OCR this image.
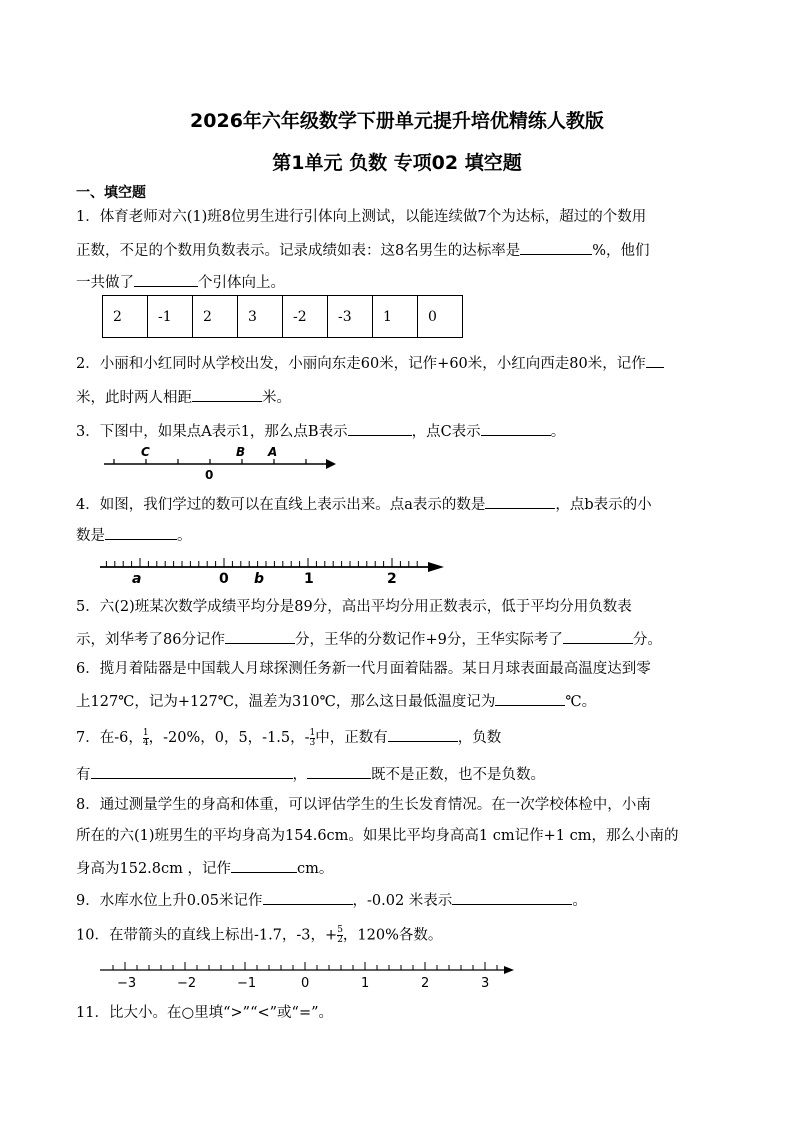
2026年六年级数学下册单元提升培优精练人教版
第1单元 负数 专项02 填空题
一、填空题
1．体育老师对六(1)班8位男生进行引体向上测试，以能连续做7个为达标，超过的个数用
正数，不足的个数用负数表示。记录成绩如表：这8名男生的达标率是	%，他们
一共做了	个引体向上。
2	-1	2	3	-2	-3	1	0
2．小丽和小红同时从学校出发，小丽向东走60米，记作+60米，小红向西走80米，记作
米，此时两人相距	米。
3．下图中，如果点A表示1，那么点B表示	，点C表示	。
C	B A
0
4．如图，我们学过的数可以在直线上表示出来。点a表示的数是	，点b表示的小
数是	。
a	0 b	1	2
5．六(2)班某次数学成绩平均分是89分，高出平均分用正数表示，低于平均分用负数表
示，刘华考了86分记作	分，王华的分数记作+9分，王华实际考了	分。
6．揽月着陆器是中国载人月球探测任务新一代月面着陆器。某日月球表面最高温度达到零
上127℃，记为+127℃，温差为310℃，那么这日最低温度记为	℃。
7．在-6， $\frac{1}{4}$ ，-20%，0，5，-1.5，- $\frac{1}{3}$ 中，正数有	，负数
有	，	既不是正数，也不是负数。
8．通过测量学生的身高和体重，可以评估学生的生长发育情况。在一次学校体检中，小南
所在的六(1)班男生的平均身高为154.6cm。如果比平均身高高1 cm记作+1 cm，那么小南的
身高为152.8cm ，记作	cm。
9．水库水位上升0.05米记作	，-0.02 米表示	。
10．在带箭头的直线上标出-1.7，-3，+ $\frac{5}{2}$ ，120%各数。
−3	−2	−1	0	1	2	3
11．比大小。在○里填“>”“<”或“=”。
